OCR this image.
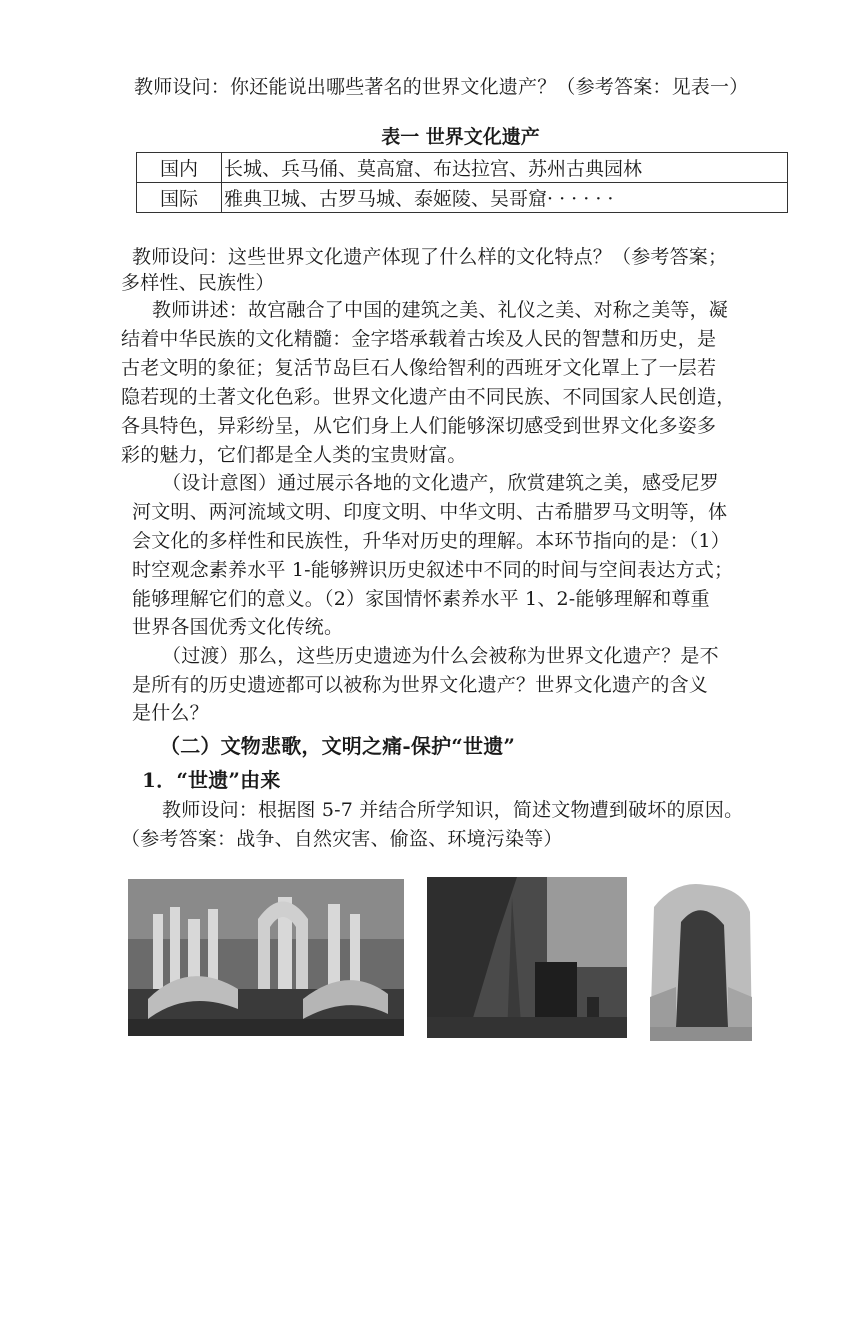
教师设问：你还能说出哪些著名的世界文化遗产？（参考答案：见表一）
表一 世界文化遗产
国内	长城、兵马俑、莫高窟、布达拉宫、苏州古典园林
国际	雅典卫城、古罗马城、泰姬陵、吴哥窟· · · · · ·
教师设问：这些世界文化遗产体现了什么样的文化特点？（参考答案；
多样性、民族性）
教师讲述：故宫融合了中国的建筑之美、礼仪之美、对称之美等，凝
结着中华民族的文化精髓：金字塔承载着古埃及人民的智慧和历史，是
古老文明的象征；复活节岛巨石人像给智利的西班牙文化罩上了一层若
隐若现的土著文化色彩。世界文化遗产由不同民族、不同国家人民创造，
各具特色，异彩纷呈，从它们身上人们能够深切感受到世界文化多姿多
彩的魅力，它们都是全人类的宝贵财富。
（设计意图）通过展示各地的文化遗产，欣赏建筑之美，感受尼罗
河文明、两河流域文明、印度文明、中华文明、古希腊罗马文明等，体
会文化的多样性和民族性，升华对历史的理解。本环节指向的是：（1）
时空观念素养水平 1-能够辨识历史叙述中不同的时间与空间表达方式；
能够理解它们的意义。（2）家国情怀素养水平 1、2-能够理解和尊重
世界各国优秀文化传统。
（过渡）那么，这些历史遗迹为什么会被称为世界文化遗产？是不
是所有的历史遗迹都可以被称为世界文化遗产？世界文化遗产的含义
是什么？
（二）文物悲歌，文明之痛-保护“世遗”
1．“世遗”由来
教师设问：根据图 5-7 并结合所学知识，简述文物遭到破坏的原因。
（参考答案：战争、自然灾害、偷盗、环境污染等）
